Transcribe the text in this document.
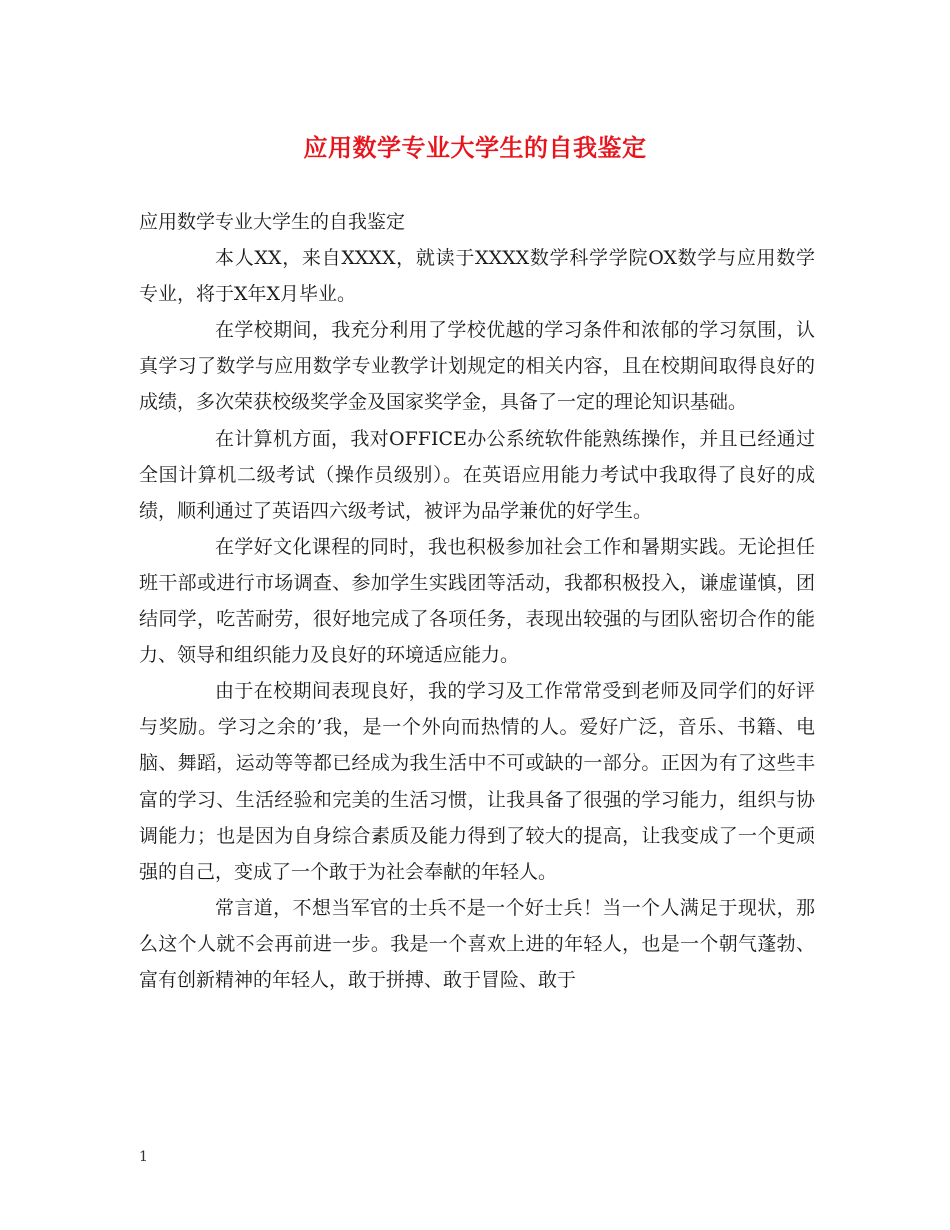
应用数学专业大学生的自我鉴定

应用数学专业大学生的自我鉴定

本人XX，来自XXXX，就读于XXXX数学科学学院OX数学与应用数学专业，将于X年X月毕业。

在学校期间，我充分利用了学校优越的学习条件和浓郁的学习氛围，认真学习了数学与应用数学专业教学计划规定的相关内容，且在校期间取得良好的成绩，多次荣获校级奖学金及国家奖学金，具备了一定的理论知识基础。

在计算机方面，我对OFFICE办公系统软件能熟练操作，并且已经通过全国计算机二级考试（操作员级别）。在英语应用能力考试中我取得了良好的成绩，顺利通过了英语四六级考试，被评为品学兼优的好学生。

在学好文化课程的同时，我也积极参加社会工作和暑期实践。无论担任班干部或进行市场调查、参加学生实践团等活动，我都积极投入，谦虚谨慎，团结同学，吃苦耐劳，很好地完成了各项任务，表现出较强的与团队密切合作的能力、领导和组织能力及良好的环境适应能力。

由于在校期间表现良好，我的学习及工作常常受到老师及同学们的好评与奖励。学习之余的’我，是一个外向而热情的人。爱好广泛，音乐、书籍、电脑、舞蹈，运动等等都已经成为我生活中不可或缺的一部分。正因为有了这些丰富的学习、生活经验和完美的生活习惯，让我具备了很强的学习能力，组织与协调能力；也是因为自身综合素质及能力得到了较大的提高，让我变成了一个更顽强的自己，变成了一个敢于为社会奉献的年轻人。

常言道，不想当军官的士兵不是一个好士兵！当一个人满足于现状，那么这个人就不会再前进一步。我是一个喜欢上进的年轻人，也是一个朝气蓬勃、富有创新精神的年轻人，敢于拼搏、敢于冒险、敢于

1
